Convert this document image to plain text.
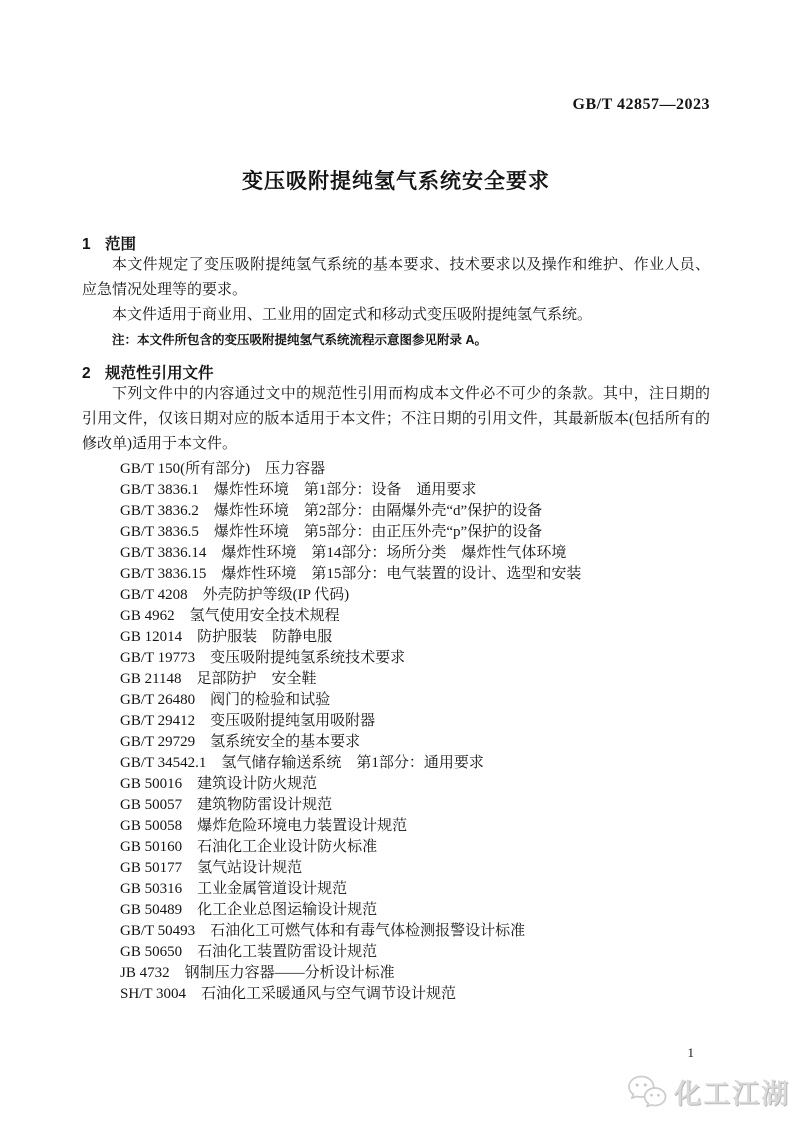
GB/T 42857—2023
变压吸附提纯氢气系统安全要求
1 范围

本文件规定了变压吸附提纯氢气系统的基本要求、技术要求以及操作和维护、作业人员、应急情况处理等的要求。

本文件适用于商业用、工业用的固定式和移动式变压吸附提纯氢气系统。

注：本文件所包含的变压吸附提纯氢气系统流程示意图参见附录 A。

2 规范性引用文件

下列文件中的内容通过文中的规范性引用而构成本文件必不可少的条款。其中，注日期的引用文件，仅该日期对应的版本适用于本文件；不注日期的引用文件，其最新版本(包括所有的修改单)适用于本文件。

GB/T 150(所有部分)　压力容器
GB/T 3836.1　爆炸性环境　第1部分：设备　通用要求
GB/T 3836.2　爆炸性环境　第2部分：由隔爆外壳“d”保护的设备
GB/T 3836.5　爆炸性环境　第5部分：由正压外壳“p”保护的设备
GB/T 3836.14　爆炸性环境　第14部分：场所分类　爆炸性气体环境
GB/T 3836.15　爆炸性环境　第15部分：电气装置的设计、选型和安装
GB/T 4208　外壳防护等级(IP 代码)
GB 4962　氢气使用安全技术规程
GB 12014　防护服装　防静电服
GB/T 19773　变压吸附提纯氢系统技术要求
GB 21148　足部防护　安全鞋
GB/T 26480　阀门的检验和试验
GB/T 29412　变压吸附提纯氢用吸附器
GB/T 29729　氢系统安全的基本要求
GB/T 34542.1　氢气储存输送系统　第1部分：通用要求
GB 50016　建筑设计防火规范
GB 50057　建筑物防雷设计规范
GB 50058　爆炸危险环境电力装置设计规范
GB 50160　石油化工企业设计防火标准
GB 50177　氢气站设计规范
GB 50316　工业金属管道设计规范
GB 50489　化工企业总图运输设计规范
GB/T 50493　石油化工可燃气体和有毒气体检测报警设计标准
GB 50650　石油化工装置防雷设计规范
JB 4732　钢制压力容器——分析设计标准
SH/T 3004　石油化工采暖通风与空气调节设计规范
1
化工江湖
